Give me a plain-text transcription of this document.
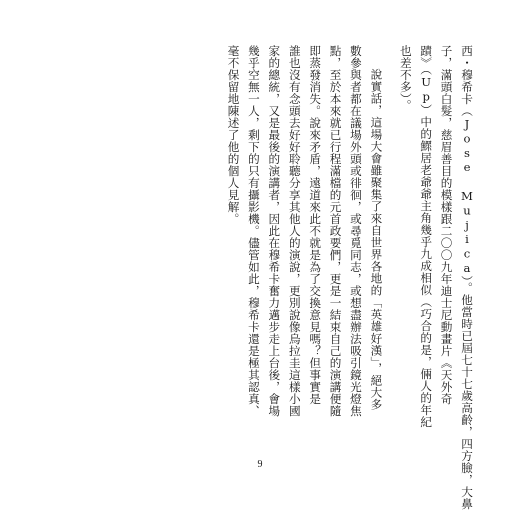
西・穆希卡（Jose Mujica）。他當時已屆七十七歲高齡，四方臉，大鼻
子，滿頭白髮，慈眉善目的模樣跟二〇〇九年迪士尼動畫片《天外奇
蹟》（Up）中的鰥居老爺爺主角幾乎九成相似（巧合的是，倆人的年紀
也差不多）。
說實話，這場大會雖聚集了來自世界各地的「英雄好漢」，絕大多
數參與者都在議場外頭或徘徊，或尋覓同志，或想盡辦法吸引鏡光燈焦
點，至於本來就已行程滿檔的元首政要們，更是一結束自己的演講便隨
即蒸發消失。說來矛盾，遠道來此不就是為了交換意見嗎？但事實是
誰也沒有念頭去好好聆聽分享其他人的演說，更別說像烏拉圭這樣小國
家的總統，又是最後的演講者，因此在穆希卡奮力邁步走上台後，會場
幾乎空無一人，剩下的只有攝影機。儘管如此，穆希卡還是極其認真、
毫不保留地陳述了他的個人見解。
9
